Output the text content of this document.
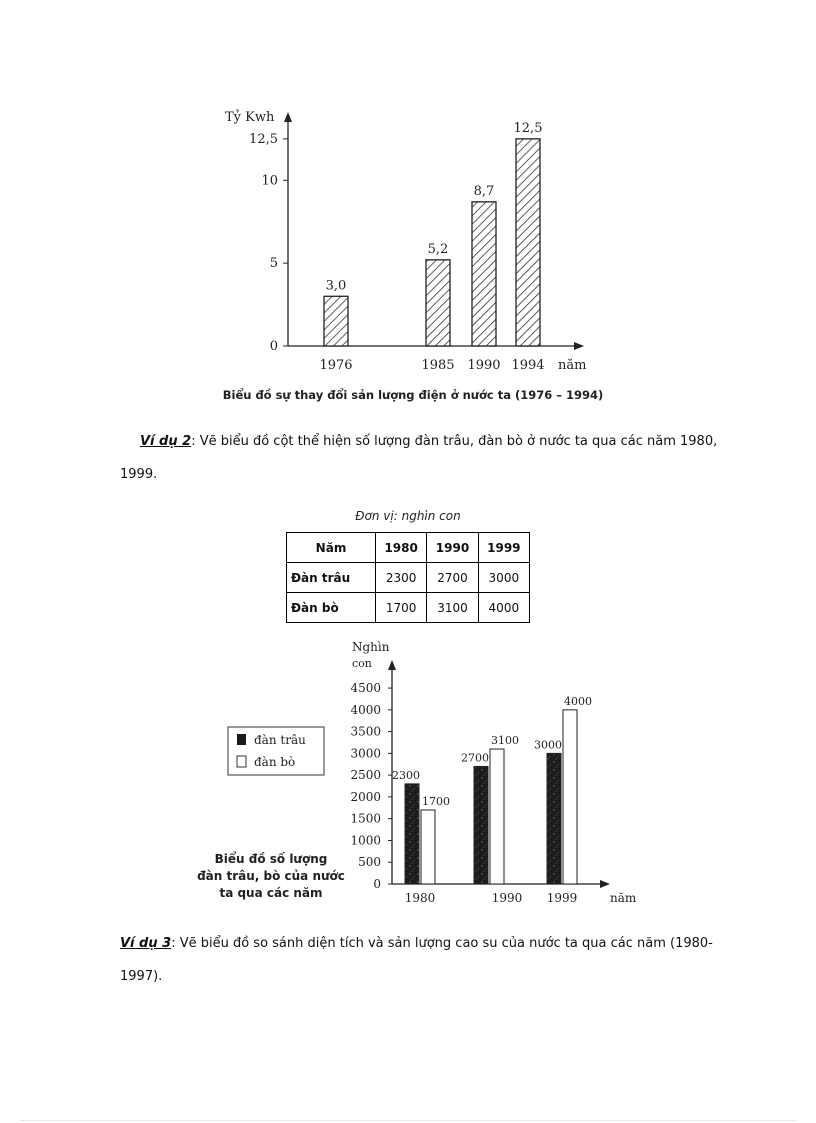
Tỷ Kwh
năm
0
5
10
12,5
3,0
1976
5,2
1985
8,7
1990
12,5
1994
Biểu đồ sự thay đổi sản lượng điện ở nước ta (1976 – 1994)
Ví dụ 2: Vẽ biểu đồ cột thể hiện số lượng đàn trâu, đàn bò ở nước ta qua các năm 1980,
1999.
Đơn vị: nghìn con
Năm	1980	1990	1999
Đàn trâu	2300	2700	3000
Đàn bò	1700	3100	4000
Nghìn
con
năm
0
500
1000
1500
2000
2500
3000
3500
4000
4500
2300
1700
1980
2700
3100
1990
3000
4000
1999
đàn trâu
đàn bò
Biểu đồ số lượng
đàn trâu, bò của nước
ta qua các năm
Ví dụ 3: Vẽ biểu đồ so sánh diện tích và sản lượng cao su của nước ta qua các năm (1980-
1997).
